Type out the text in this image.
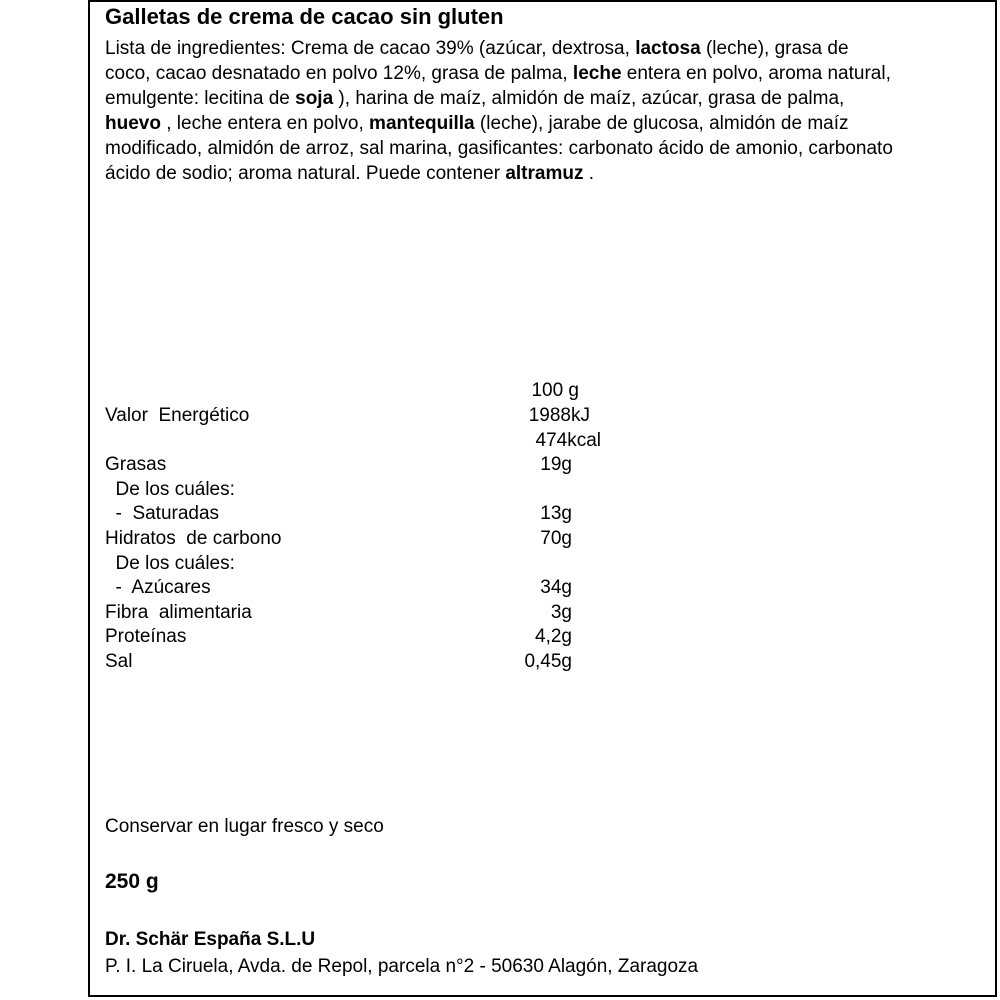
Galletas de crema de cacao sin gluten
Lista de ingredientes: Crema de cacao 39% (azúcar, dextrosa, lactosa (leche), grasa de coco, cacao desnatado en polvo 12%, grasa de palma, leche entera en polvo, aroma natural, emulgente: lecitina de soja ), harina de maíz, almidón de maíz, azúcar, grasa de palma, huevo , leche entera en polvo, mantequilla (leche), jarabe de glucosa, almidón de maíz modificado, almidón de arroz, sal marina, gasificantes: carbonato ácido de amonio, carbonato ácido de sodio; aroma natural. Puede contener altramuz .
100 g
Valor  Energético	1988kJ
474kcal
Grasas	19g
De los cuáles:
-  Saturadas	13g
Hidratos  de carbono	70g
De los cuáles:
-  Azúcares	34g
Fibra  alimentaria	3g
Proteínas	4,2g
Sal	0,45g
Conservar en lugar fresco y seco
250 g
Dr. Schär España S.L.U
P. I. La Ciruela, Avda. de Repol, parcela n°2 - 50630 Alagón, Zaragoza
